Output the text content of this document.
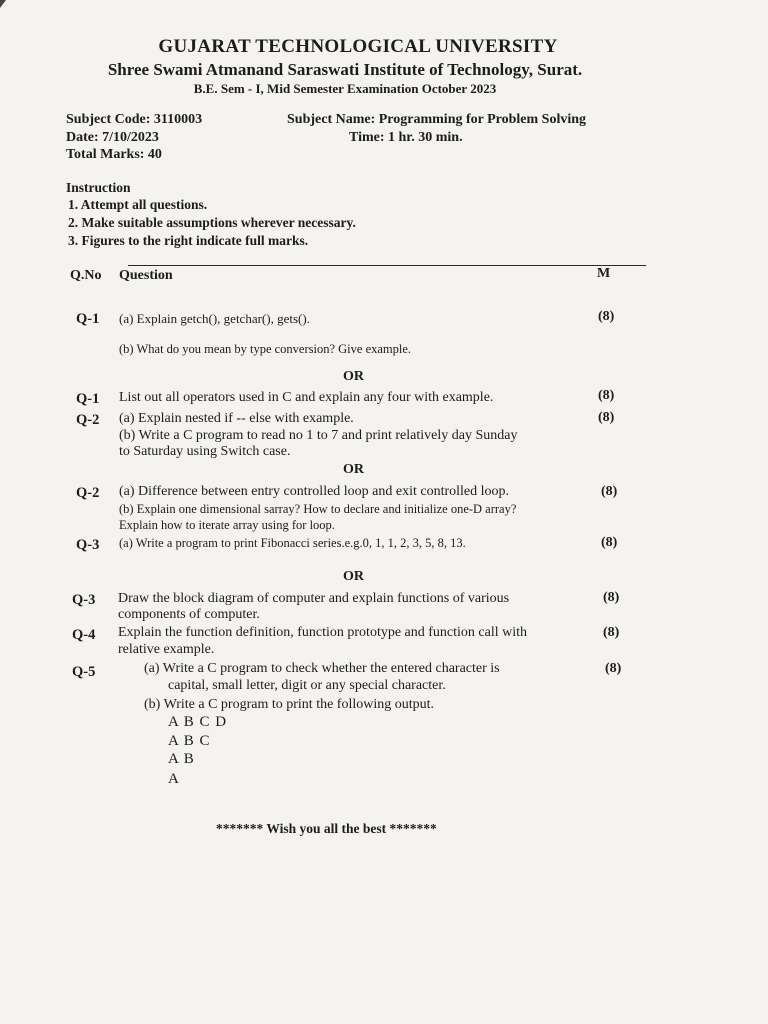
GUJARAT TECHNOLOGICAL UNIVERSITY
Shree Swami Atmanand Saraswati Institute of Technology, Surat.
B.E. Sem - I, Mid Semester Examination October 2023
Subject Code: 3110003	Subject Name: Programming for Problem Solving
Date: 7/10/2023	Time: 1 hr. 30 min.
Total Marks: 40
Instruction
1. Attempt all questions.
2. Make suitable assumptions wherever necessary.
3. Figures to the right indicate full marks.
Q.No Question	M
Q-1 (a) Explain getch(), getchar(), gets().	(8)
(b) What do you mean by type conversion? Give example.
OR
Q-1 List out all operators used in C and explain any four with example.	(8)
Q-2 (a) Explain nested if -- else with example.	(8)
(b) Write a C program to read no 1 to 7 and print relatively day Sunday
to Saturday using Switch case.
OR
Q-2 (a) Difference between entry controlled loop and exit controlled loop.	(8)
(b) Explain one dimensional sarray? How to declare and initialize one-D array?
Explain how to iterate array using for loop.
Q-3 (a) Write a program to print Fibonacci series.e.g.0, 1, 1, 2, 3, 5, 8, 13.	(8)
OR
Q-3 Draw the block diagram of computer and explain functions of various	(8)
components of computer.
Q-4 Explain the function definition, function prototype and function call with	(8)
relative example.
Q-5	(a) Write a C program to check whether the entered character is	(8)
capital, small letter, digit or any special character.
(b) Write a C program to print the following output.
A B C D
A B C
A B
A
******* Wish you all the best *******
